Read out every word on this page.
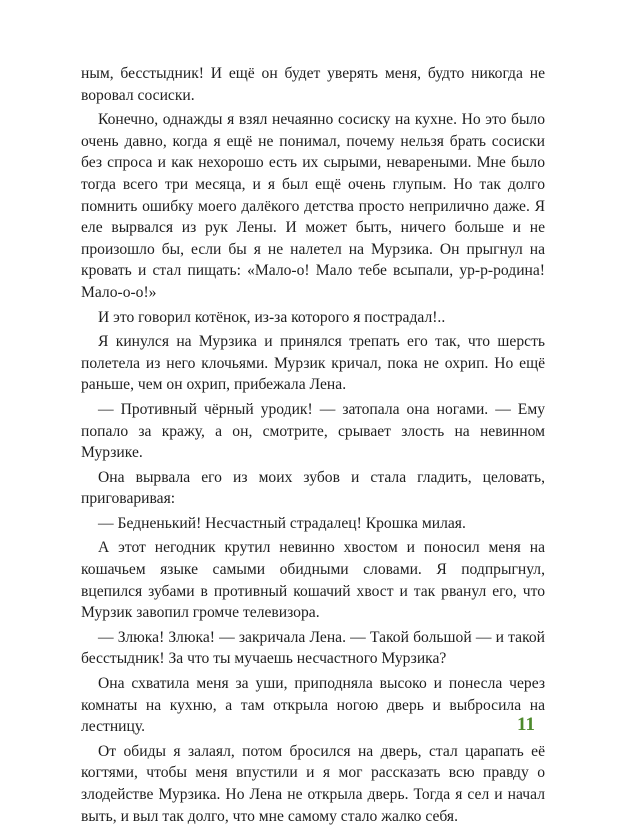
ным, бесстыдник! И ещё он будет уверять меня, будто никогда не воровал сосиски.

Конечно, однажды я взял нечаянно сосиску на кухне. Но это было очень давно, когда я ещё не понимал, почему нельзя брать сосиски без спроса и как нехорошо есть их сырыми, невареными. Мне было тогда всего три месяца, и я был ещё очень глупым. Но так долго помнить ошибку моего далёкого детства просто неприлично даже. Я еле вырвался из рук Лены. И может быть, ничего больше и не произошло бы, если бы я не налетел на Мурзика. Он прыгнул на кровать и стал пищать: «Мало-о! Мало тебе всыпали, ур-р-родина! Мало-о-о!»

И это говорил котёнок, из-за которого я пострадал!..

Я кинулся на Мурзика и принялся трепать его так, что шерсть полетела из него клочьями. Мурзик кричал, пока не охрип. Но ещё раньше, чем он охрип, прибежала Лена.

— Противный чёрный уродик! — затопала она ногами. — Ему попало за кражу, а он, смотрите, срывает злость на невинном Мурзике.

Она вырвала его из моих зубов и стала гладить, целовать, приговаривая:

— Бедненький! Несчастный страдалец! Крошка милая.

А этот негодник крутил невинно хвостом и поносил меня на кошачьем языке самыми обидными словами. Я подпрыгнул, вцепился зубами в противный кошачий хвост и так рванул его, что Мурзик завопил громче телевизора.

— Злюка! Злюка! — закричала Лена. — Такой большой — и такой бесстыдник! За что ты мучаешь несчастного Мурзика?

Она схватила меня за уши, приподняла высоко и понесла через комнаты на кухню, а там открыла ногою дверь и выбросила на лестницу.

От обиды я залаял, потом бросился на дверь, стал царапать её когтями, чтобы меня впустили и я мог рассказать всю правду о злодействе Мурзика. Но Лена не открыла дверь. Тогда я сел и начал выть, и выл так долго, что мне самому стало жалко себя.

11
